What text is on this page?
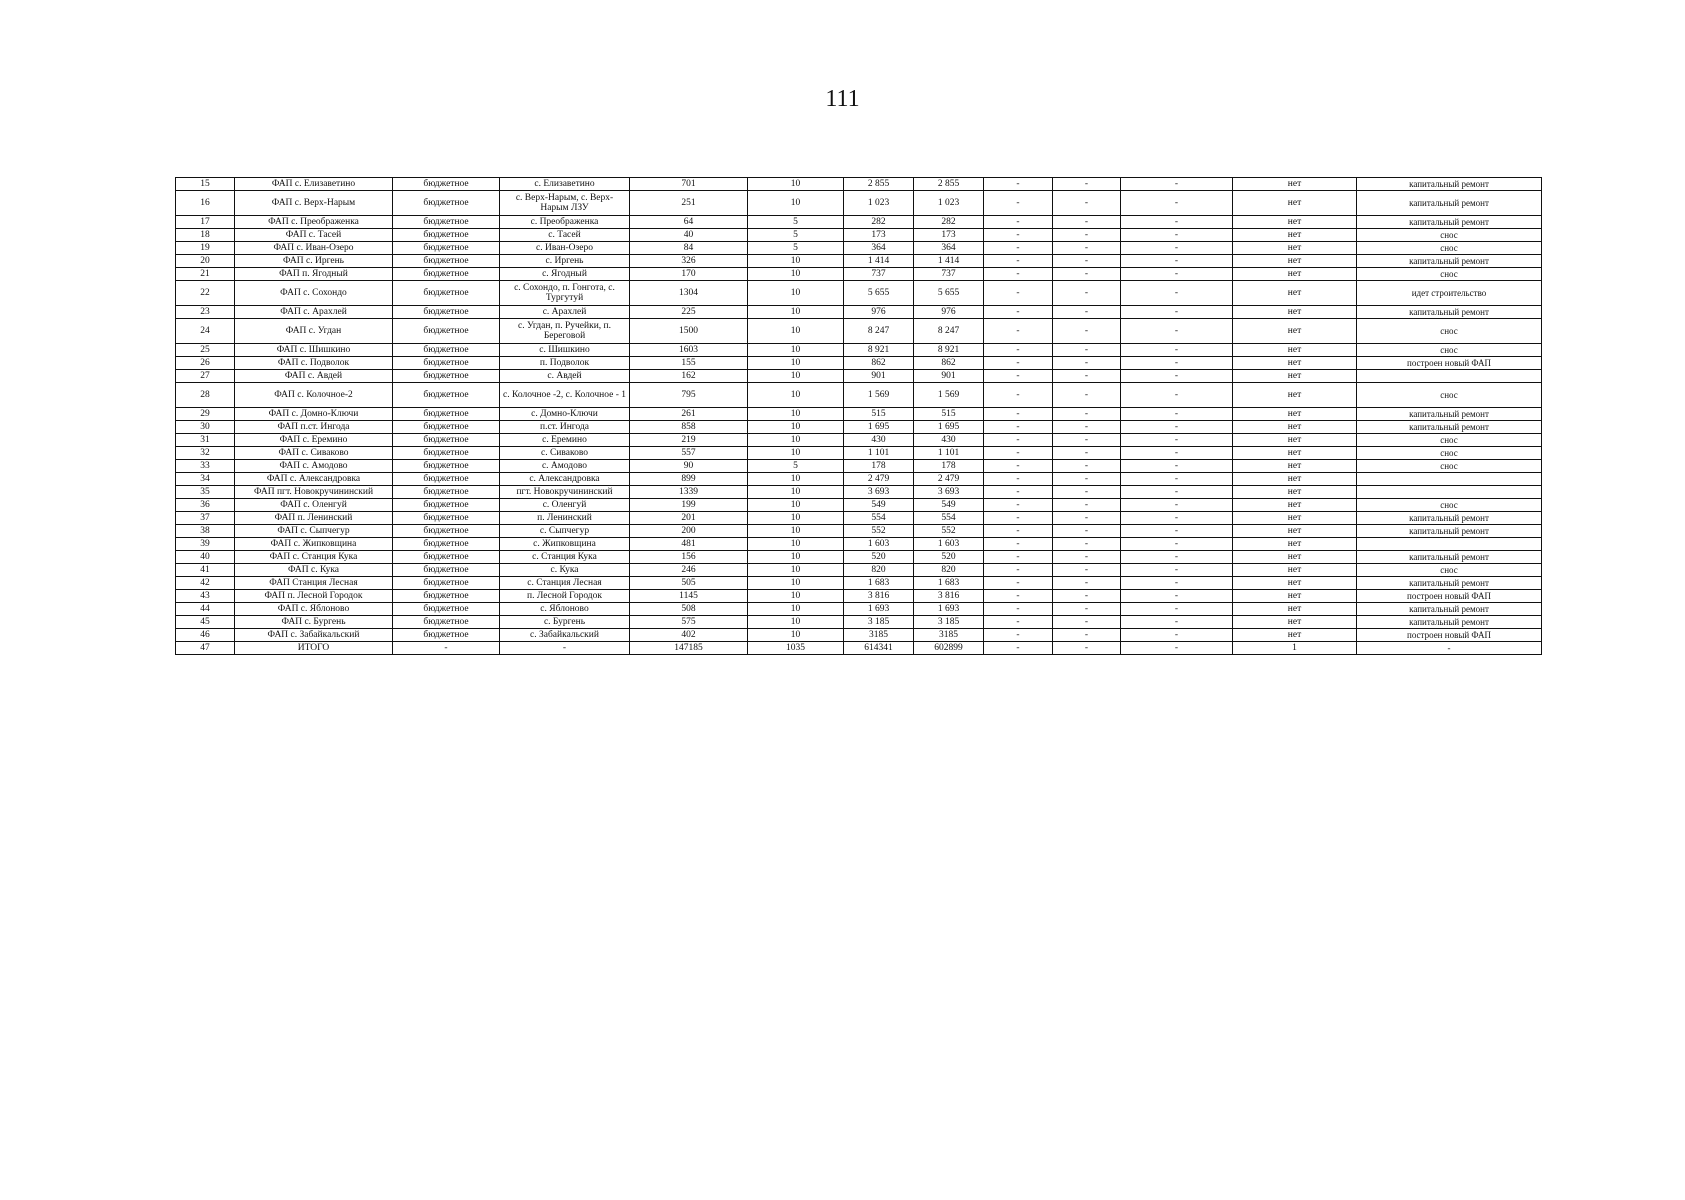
111
15	ФАП с. Елизаветино	бюджетное	с. Елизаветино	701	10	2 855	2 855	-	-	-	нет	капитальный ремонт
16	ФАП с. Верх-Нарым	бюджетное	с. Верх-Нарым, с. Верх-Нарым ЛЗУ	251	10	1 023	1 023	-	-	-	нет	капитальный ремонт
17	ФАП с. Преображенка	бюджетное	с. Преображенка	64	5	282	282	-	-	-	нет	капитальный ремонт
18	ФАП с. Тасей	бюджетное	с. Тасей	40	5	173	173	-	-	-	нет	снос
19	ФАП с. Иван-Озеро	бюджетное	с. Иван-Озеро	84	5	364	364	-	-	-	нет	снос
20	ФАП с. Иргень	бюджетное	с. Иргень	326	10	1 414	1 414	-	-	-	нет	капитальный ремонт
21	ФАП п. Ягодный	бюджетное	с. Ягодный	170	10	737	737	-	-	-	нет	снос
22	ФАП с. Сохондо	бюджетное	с. Сохондо, п. Гонгота, с. Тургутуй	1304	10	5 655	5 655	-	-	-	нет	идет строительство
23	ФАП с. Арахлей	бюджетное	с. Арахлей	225	10	976	976	-	-	-	нет	капитальный ремонт
24	ФАП с. Угдан	бюджетное	с. Угдан, п. Ручейки, п. Береговой	1500	10	8 247	8 247	-	-	-	нет	снос
25	ФАП с. Шишкино	бюджетное	с. Шишкино	1603	10	8 921	8 921	-	-	-	нет	снос
26	ФАП с. Подволок	бюджетное	п. Подволок	155	10	862	862	-	-	-	нет	построен новый ФАП
27	ФАП с. Авдей	бюджетное	с. Авдей	162	10	901	901	-	-	-	нет	
28	ФАП с. Колочное-2	бюджетное	с. Колочное -2, с. Колочное - 1	795	10	1 569	1 569	-	-	-	нет	снос
29	ФАП с. Домно-Ключи	бюджетное	с. Домно-Ключи	261	10	515	515	-	-	-	нет	капитальный ремонт
30	ФАП п.ст. Ингода	бюджетное	п.ст. Ингода	858	10	1 695	1 695	-	-	-	нет	капитальный ремонт
31	ФАП с. Еремино	бюджетное	с. Еремино	219	10	430	430	-	-	-	нет	снос
32	ФАП с. Сиваково	бюджетное	с. Сиваково	557	10	1 101	1 101	-	-	-	нет	снос
33	ФАП с. Амодово	бюджетное	с. Амодово	90	5	178	178	-	-	-	нет	снос
34	ФАП с. Александровка	бюджетное	с. Александровка	899	10	2 479	2 479	-	-	-	нет	
35	ФАП пгт. Новокручининский	бюджетное	пгт. Новокручининский	1339	10	3 693	3 693	-	-	-	нет	
36	ФАП с. Оленгуй	бюджетное	с. Оленгуй	199	10	549	549	-	-	-	нет	снос
37	ФАП п. Ленинский	бюджетное	п. Ленинский	201	10	554	554	-	-	-	нет	капитальный ремонт
38	ФАП с. Сыпчегур	бюджетное	с. Сыпчегур	200	10	552	552	-	-	-	нет	капитальный ремонт
39	ФАП с. Жипковщина	бюджетное	с. Жипковщина	481	10	1 603	1 603	-	-	-	нет	
40	ФАП с. Станция Кука	бюджетное	с. Станция Кука	156	10	520	520	-	-	-	нет	капитальный ремонт
41	ФАП с. Кука	бюджетное	с. Кука	246	10	820	820	-	-	-	нет	снос
42	ФАП Станция Лесная	бюджетное	с. Станция Лесная	505	10	1 683	1 683	-	-	-	нет	капитальный ремонт
43	ФАП п. Лесной Городок	бюджетное	п. Лесной Городок	1145	10	3 816	3 816	-	-	-	нет	построен новый ФАП
44	ФАП с. Яблоново	бюджетное	с. Яблоново	508	10	1 693	1 693	-	-	-	нет	капитальный ремонт
45	ФАП с. Бургень	бюджетное	с. Бургень	575	10	3 185	3 185	-	-	-	нет	капитальный ремонт
46	ФАП с. Забайкальский	бюджетное	с. Забайкальский	402	10	3185	3185	-	-	-	нет	построен новый ФАП
47	ИТОГО	-	-	147185	1035	614341	602899	-	-	-	1	-
